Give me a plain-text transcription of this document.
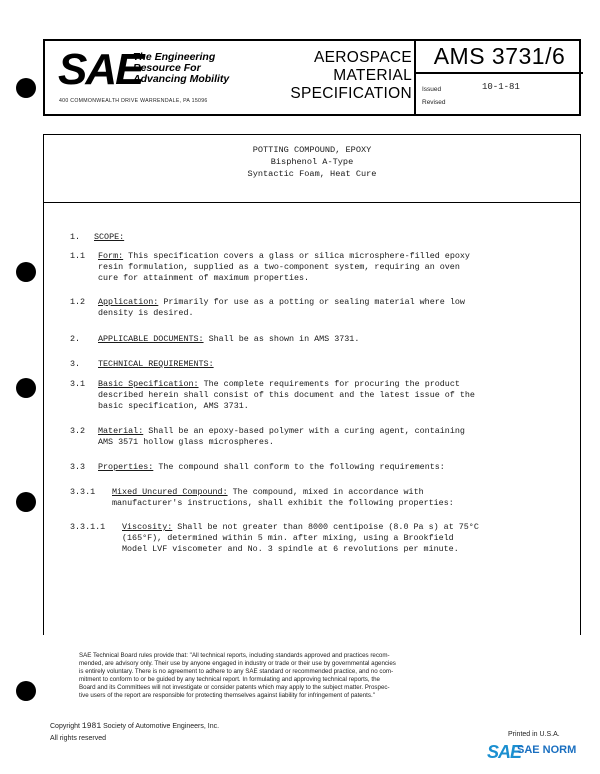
SAE
The Engineering
Resource For
Advancing Mobility
400 COMMONWEALTH DRIVE WARRENDALE, PA 15096
AEROSPACE
MATERIAL
SPECIFICATION
AMS 3731/6
Issued	10-1-81
Revised
POTTING COMPOUND, EPOXY
Bisphenol A-Type
Syntactic Foam, Heat Cure
1. SCOPE:
1.1 Form: This specification covers a glass or silica microsphere-filled epoxy
resin formulation, supplied as a two-component system, requiring an oven
cure for attainment of maximum properties.
1.2 Application: Primarily for use as a potting or sealing material where low
density is desired.
2. APPLICABLE DOCUMENTS: Shall be as shown in AMS 3731.
3. TECHNICAL REQUIREMENTS:
3.1 Basic Specification: The complete requirements for procuring the product
described herein shall consist of this document and the latest issue of the
basic specification, AMS 3731.
3.2 Material: Shall be an epoxy-based polymer with a curing agent, containing
AMS 3571 hollow glass microspheres.
3.3 Properties: The compound shall conform to the following requirements:
3.3.1 Mixed Uncured Compound: The compound, mixed in accordance with
manufacturer's instructions, shall exhibit the following properties:
3.3.1.1 Viscosity: Shall be not greater than 8000 centipoise (8.0 Pa s) at 75°C
(165°F), determined within 5 min. after mixing, using a Brookfield
Model LVF viscometer and No. 3 spindle at 6 revolutions per minute.
SAE Technical Board rules provide that: "All technical reports, including standards approved and practices recom-
mended, are advisory only. Their use by anyone engaged in industry or trade or their use by governmental agencies
is entirely voluntary. There is no agreement to adhere to any SAE standard or recommended practice, and no com-
mitment to conform to or be guided by any technical report. In formulating and approving technical reports, the
Board and its Committees will not investigate or consider patents which may apply to the subject matter. Prospec-
tive users of the report are responsible for protecting themselves against liability for infringement of patents."
Copyright 1981 Society of Automotive Engineers, Inc.
All rights reserved
Printed in U.S.A.
SAE
SAE NORM
